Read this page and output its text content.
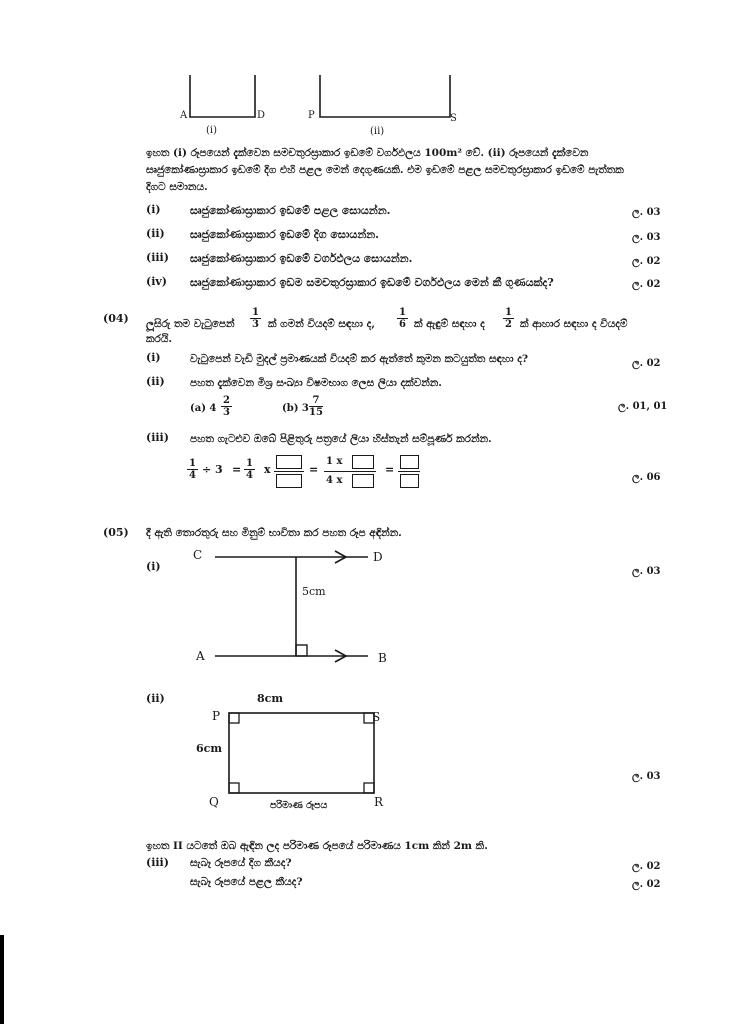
A	D
(i)
P	S
(ii)
ඉහත (i) රූපයෙන් දැක්වෙන සමචතුරස්‍රාකාර ඉඩමේ වර්ගඵලය 100m² වේ. (ii) රූපයෙන් දැක්වෙන
සෘජුකෝණාස්‍රාකාර ඉඩමේ දිග එහි පළල මෙන් දෙගුණයකි. එම ඉඩමේ පළල සමචතුරස්‍රාකාර ඉඩමේ පැත්තක
දිගට සමානය.
(i)	සෘජුකෝණාස්‍රාකාර ඉඩමේ පළල සොයන්න.	ල. 03
(ii) සෘජුකෝණාස්‍රාකාර ඉඩමේ දිග සොයන්න.	ල. 03
(iii) සෘජුකෝණාස්‍රාකාර ඉඩමේ වර්ගඵලය සොයන්න.	ල. 02
(iv) සෘජුකෝණාස්‍රාකාර ඉඩම සමචතුරස්‍රාකාර ඉඩමේ වර්ගඵලය මෙන් කී ගුණයක්ද?	ල. 02
(04) ලූසිරු තම වැටුපෙන් $\frac{1}{3}$ ක් ගමන් වියදම් සඳහා ද, $\frac{1}{6}$ ක් ඇඳුම් සඳහා ද $\frac{1}{2}$ ක් ආහාර සඳහා ද වියදම්
කරයි.
(i)	වැටුපෙන් වැඩි මුදල් ප්‍රමාණයක් වියදම් කර ඇත්තේ කුමන කටයුත්ත සඳහා ද?	ල. 02
(ii) පහත දැක්වෙන මිශ්‍ර සංඛ්‍යා විෂමභාග ලෙස ලියා දක්වන්න.
(a) $4 \frac{2}{3}$	(b) $3 \frac{7}{15}$	ල. 01, 01
(iii) පහත ගැටළුව ඔබේ පිළිතුරු පත්‍රයේ ලියා හිස්තැන් සම්පූර්ණ කරන්න.
$\frac{1}{4} \div 3 = \frac{1}{4}$ x	=
1 x
4 x
=
ල. 06
(05) දී ඇති තොරතුරු සහ මිනුම් භාවිතා කර පහත රූප අඳින්න.
(i)
C	D
A	B
5cm
ල. 03
(ii)	8cm
6cm
P	S
Q	R
පරිමාණ රූපය
ල. 03
ඉහත II යටතේ ඔබ ඇඳින ලද පරිමාණ රූපයේ පරිමාණය 1cm කින් 2m කි.
(iii) සැබෑ රූපයේ දිග කීයද?	ල. 02
සැබෑ රූපයේ පළල කීයද?	ල. 02
